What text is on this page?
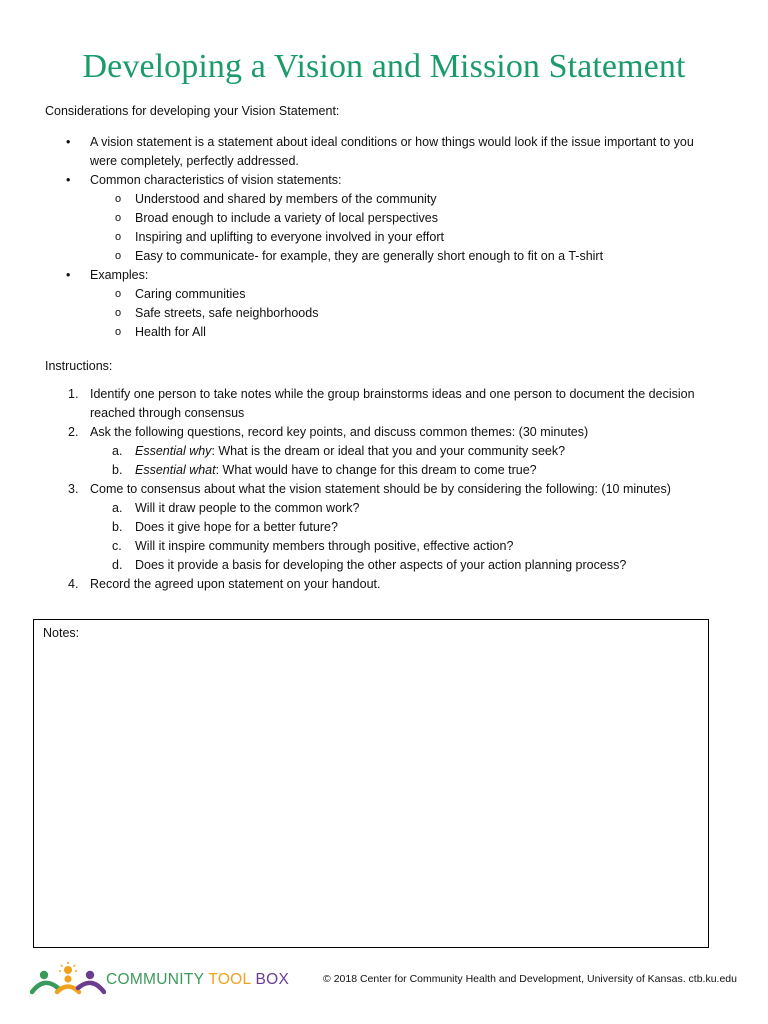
Developing a Vision and Mission Statement
Considerations for developing your Vision Statement:
• A vision statement is a statement about ideal conditions or how things would look if the issue important to you were completely, perfectly addressed.
• Common characteristics of vision statements:
o Understood and shared by members of the community
o Broad enough to include a variety of local perspectives
o Inspiring and uplifting to everyone involved in your effort
o Easy to communicate- for example, they are generally short enough to fit on a T-shirt
• Examples:
o Caring communities
o Safe streets, safe neighborhoods
o Health for All
Instructions:
1. Identify one person to take notes while the group brainstorms ideas and one person to document the decision reached through consensus
2. Ask the following questions, record key points, and discuss common themes: (30 minutes)
a. Essential why: What is the dream or ideal that you and your community seek?
b. Essential what: What would have to change for this dream to come true?
3. Come to consensus about what the vision statement should be by considering the following: (10 minutes)
a. Will it draw people to the common work?
b. Does it give hope for a better future?
c. Will it inspire community members through positive, effective action?
d. Does it provide a basis for developing the other aspects of your action planning process?
4. Record the agreed upon statement on your handout.
Notes:
COMMUNITY TOOL BOX	© 2018 Center for Community Health and Development, University of Kansas. ctb.ku.edu
